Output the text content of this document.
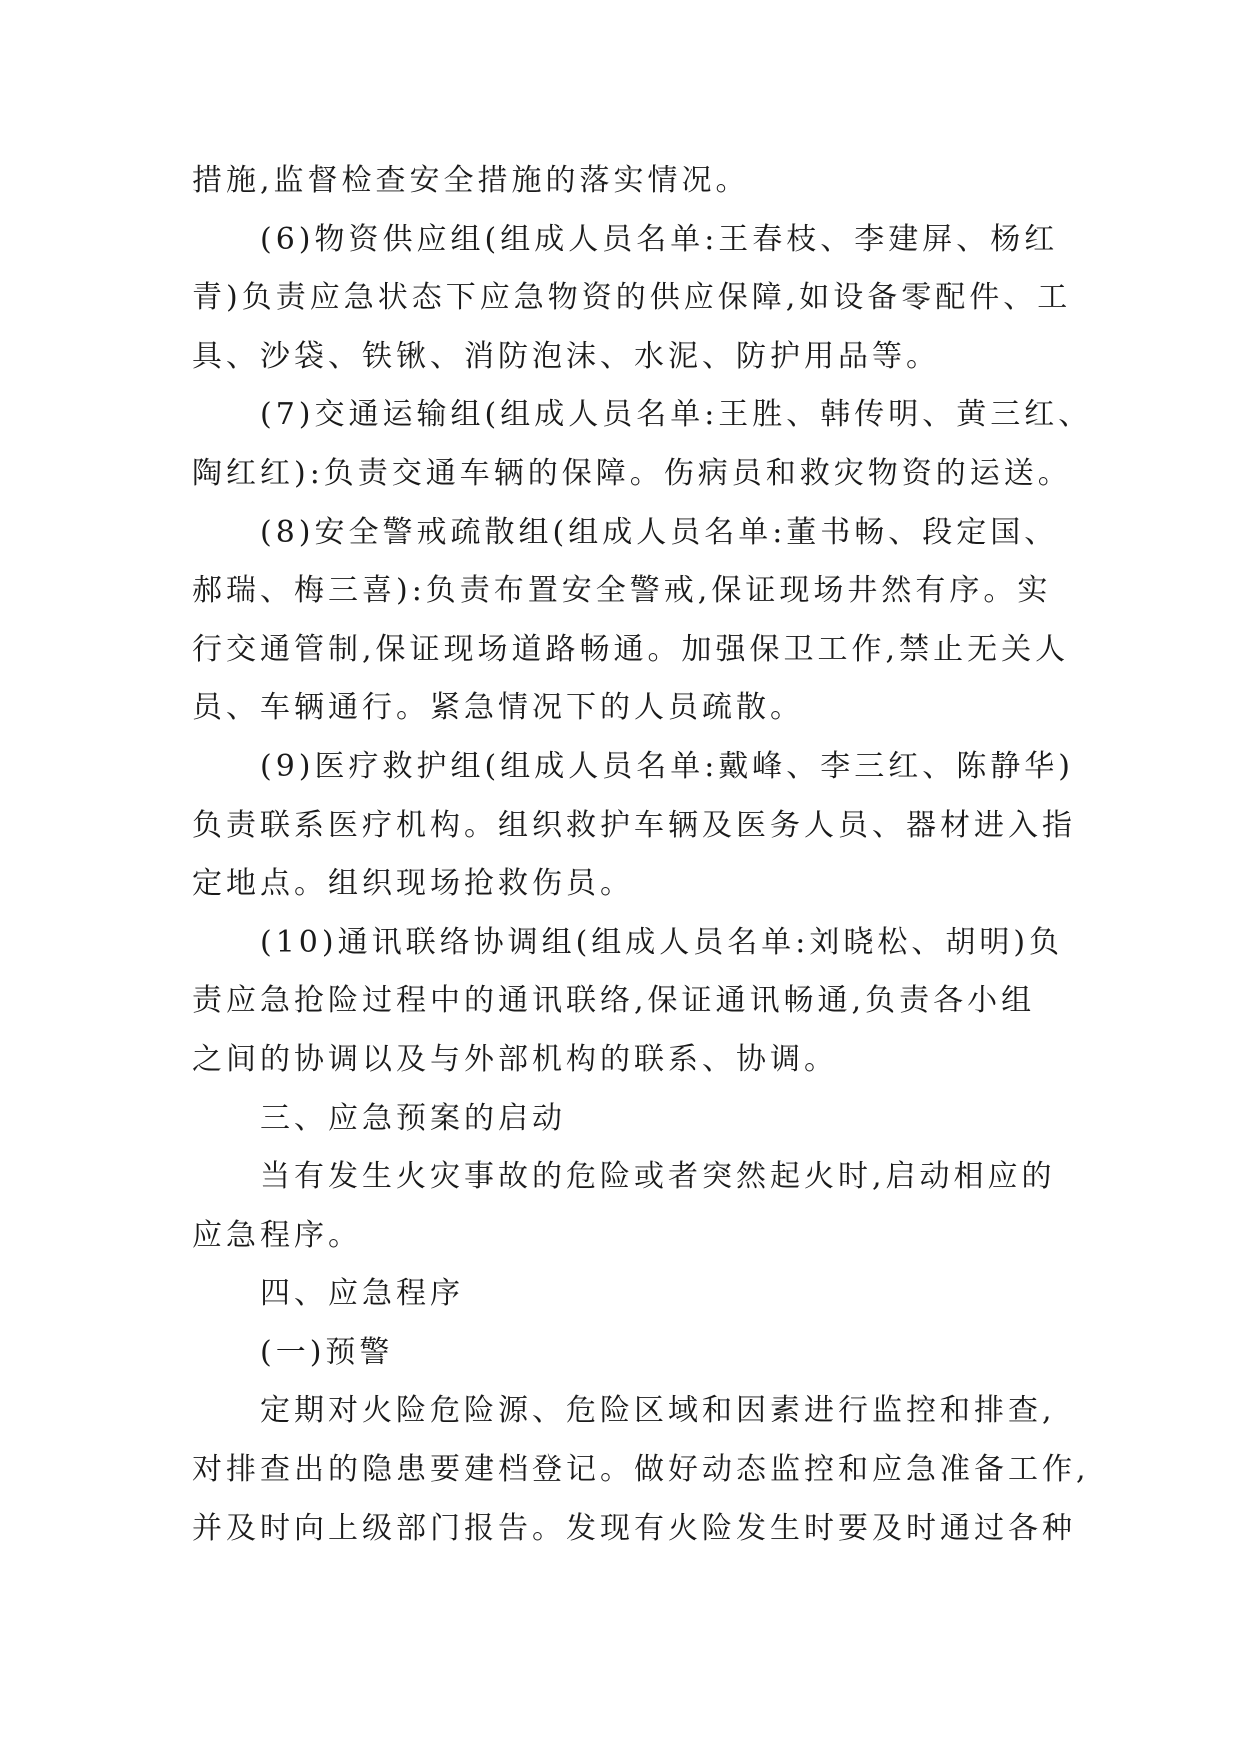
措施,监督检查安全措施的落实情况。
(6)物资供应组(组成人员名单:王春枝、李建屏、杨红
青)负责应急状态下应急物资的供应保障,如设备零配件、工
具、沙袋、铁锹、消防泡沫、水泥、防护用品等。
(7)交通运输组(组成人员名单:王胜、韩传明、黄三红、
陶红红):负责交通车辆的保障。伤病员和救灾物资的运送。
(8)安全警戒疏散组(组成人员名单:董书畅、段定国、
郝瑞、梅三喜):负责布置安全警戒,保证现场井然有序。实
行交通管制,保证现场道路畅通。加强保卫工作,禁止无关人
员、车辆通行。紧急情况下的人员疏散。
(9)医疗救护组(组成人员名单:戴峰、李三红、陈静华)
负责联系医疗机构。组织救护车辆及医务人员、器材进入指
定地点。组织现场抢救伤员。
(10)通讯联络协调组(组成人员名单:刘晓松、胡明)负
责应急抢险过程中的通讯联络,保证通讯畅通,负责各小组
之间的协调以及与外部机构的联系、协调。
三、应急预案的启动
当有发生火灾事故的危险或者突然起火时,启动相应的
应急程序。
四、应急程序
(一)预警
定期对火险危险源、危险区域和因素进行监控和排查,
对排查出的隐患要建档登记。做好动态监控和应急准备工作,
并及时向上级部门报告。发现有火险发生时要及时通过各种
